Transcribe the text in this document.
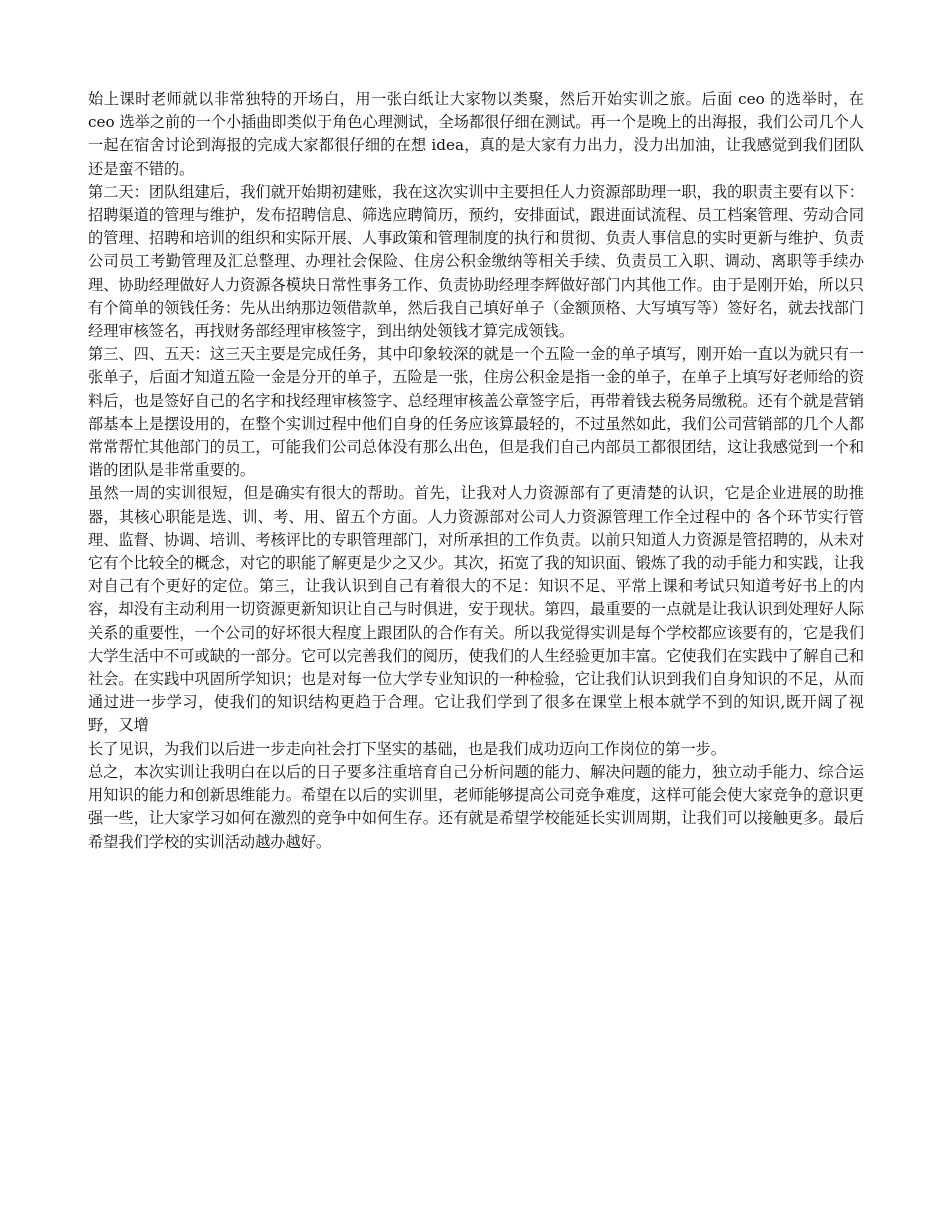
始上课时老师就以非常独特的开场白，用一张白纸让大家物以类聚，然后开始实训之旅。后面 ceo 的选举时，在 ceo 选举之前的一个小插曲即类似于角色心理测试，全场都很仔细在测试。再一个是晚上的出海报，我们公司几个人一起在宿舍讨论到海报的完成大家都很仔细的在想 idea，真的是大家有力出力，没力出加油，让我感觉到我们团队还是蛮不错的。

第二天：团队组建后，我们就开始期初建账，我在这次实训中主要担任人力资源部助理一职，我的职责主要有以下：招聘渠道的管理与维护，发布招聘信息、筛选应聘简历，预约，安排面试，跟进面试流程、员工档案管理、劳动合同的管理、招聘和培训的组织和实际开展、人事政策和管理制度的执行和贯彻、负责人事信息的实时更新与维护、负责公司员工考勤管理及汇总整理、办理社会保险、住房公积金缴纳等相关手续、负责员工入职、调动、离职等手续办理、协助经理做好人力资源各模块日常性事务工作、负责协助经理李辉做好部门内其他工作。由于是刚开始，所以只有个简单的领钱任务：先从出纳那边领借款单，然后我自己填好单子（金额顶格、大写填写等）签好名，就去找部门经理审核签名，再找财务部经理审核签字，到出纳处领钱才算完成领钱。

第三、四、五天：这三天主要是完成任务，其中印象较深的就是一个五险一金的单子填写，刚开始一直以为就只有一张单子，后面才知道五险一金是分开的单子，五险是一张，住房公积金是指一金的单子，在单子上填写好老师给的资料后，也是签好自己的名字和找经理审核签字、总经理审核盖公章签字后，再带着钱去税务局缴税。还有个就是营销部基本上是摆设用的，在整个实训过程中他们自身的任务应该算最轻的，不过虽然如此，我们公司营销部的几个人都常常帮忙其他部门的员工，可能我们公司总体没有那么出色，但是我们自己内部员工都很团结，这让我感觉到一个和谐的团队是非常重要的。

虽然一周的实训很短，但是确实有很大的帮助。首先，让我对人力资源部有了更清楚的认识，它是企业进展的助推器，其核心职能是选、训、考、用、留五个方面。人力资源部对公司人力资源管理工作全过程中的 各个环节实行管理、监督、协调、培训、考核评比的专职管理部门，对所承担的工作负责。以前只知道人力资源是管招聘的，从未对它有个比较全的概念，对它的职能了解更是少之又少。其次，拓宽了我的知识面、锻炼了我的动手能力和实践，让我对自己有个更好的定位。第三，让我认识到自己有着很大的不足：知识不足、平常上课和考试只知道考好书上的内容，却没有主动利用一切资源更新知识让自己与时俱进，安于现状。第四，最重要的一点就是让我认识到处理好人际关系的重要性，一个公司的好坏很大程度上跟团队的合作有关。所以我觉得实训是每个学校都应该要有的，它是我们大学生活中不可或缺的一部分。它可以完善我们的阅历，使我们的人生经验更加丰富。它使我们在实践中了解自己和社会。在实践中巩固所学知识；也是对每一位大学专业知识的一种检验，它让我们认识到我们自身知识的不足，从而通过进一步学习，使我们的知识结构更趋于合理。它让我们学到了很多在课堂上根本就学不到的知识,既开阔了视野，又增

长了见识，为我们以后进一步走向社会打下坚实的基础，也是我们成功迈向工作岗位的第一步。

总之，本次实训让我明白在以后的日子要多注重培育自己分析问题的能力、解决问题的能力，独立动手能力、综合运用知识的能力和创新思维能力。希望在以后的实训里，老师能够提高公司竞争难度，这样可能会使大家竞争的意识更强一些，让大家学习如何在激烈的竞争中如何生存。还有就是希望学校能延长实训周期，让我们可以接触更多。最后希望我们学校的实训活动越办越好。
